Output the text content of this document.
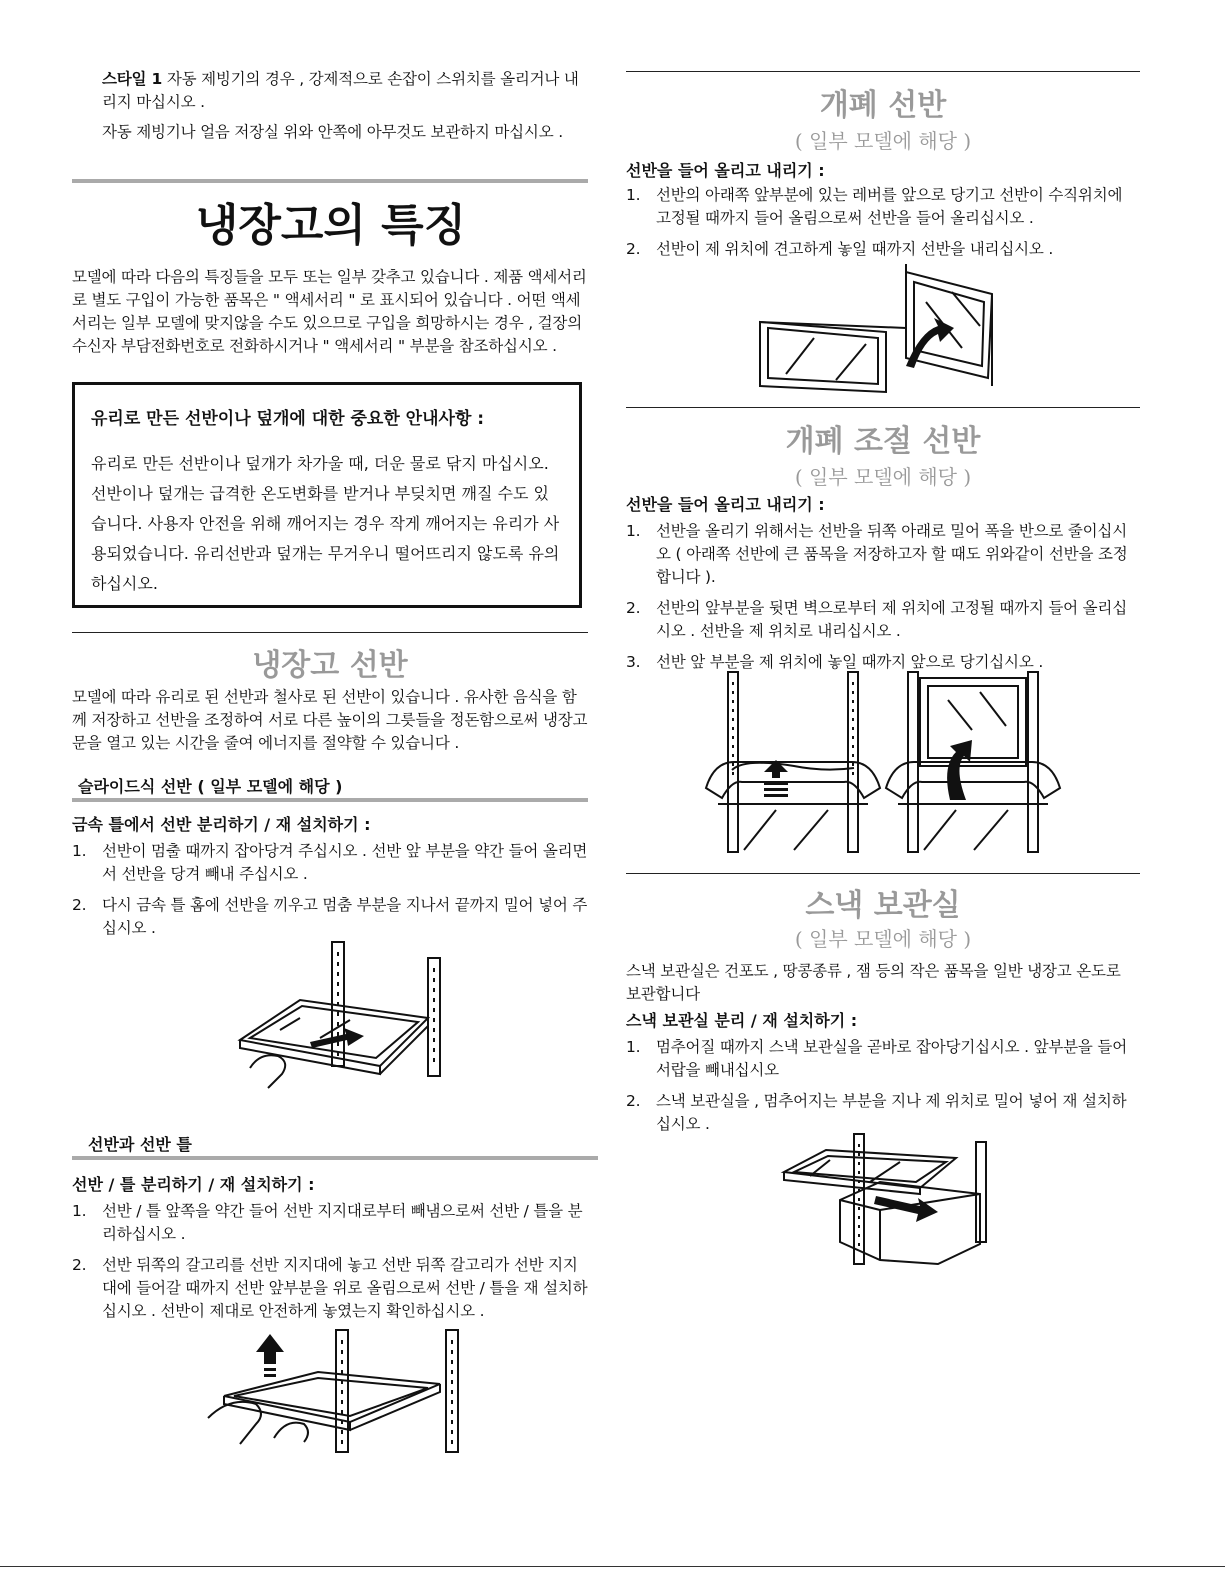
스타일 1 자동 제빙기의 경우 , 강제적으로 손잡이 스위치를 올리거나 내리지 마십시오 .

자동 제빙기나 얼음 저장실 위와 안쪽에 아무것도 보관하지 마십시오 .

냉장고의 특징

모델에 따라 다음의 특징들을 모두 또는 일부 갖추고 있습니다 . 제품 액세서리로 별도 구입이 가능한 품목은 " 액세서리 " 로 표시되어 있습니다 . 어떤 액세서리는 일부 모델에 맞지않을 수도 있으므로 구입을 희망하시는 경우 , 걸장의 수신자 부담전화번호로 전화하시거나 " 액세서리 " 부분을 참조하십시오 .

유리로 만든 선반이나 덮개에 대한 중요한 안내사항 :

유리로 만든 선반이나 덮개가 차가울 때, 더운 물로 닦지 마십시오. 선반이나 덮개는 급격한 온도변화를 받거나 부딪치면 깨질 수도 있습니다. 사용자 안전을 위해 깨어지는 경우 작게 깨어지는 유리가 사용되었습니다. 유리선반과 덮개는 무거우니 떨어뜨리지 않도록 유의하십시오.

냉장고 선반

모델에 따라 유리로 된 선반과 철사로 된 선반이 있습니다 . 유사한 음식을 함께 저장하고 선반을 조정하여 서로 다른 높이의 그릇들을 정돈함으로써 냉장고 문을 열고 있는 시간을 줄여 에너지를 절약할 수 있습니다 .

슬라이드식 선반 ( 일부 모델에 해당 )
금속 틀에서 선반 분리하기 / 재 설치하기 :
1. 선반이 멈출 때까지 잡아당겨 주십시오 . 선반 앞 부분을 약간 들어 올리면서 선반을 당겨 빼내 주십시오 .
2. 다시 금속 틀 홈에 선반을 끼우고 멈춤 부분을 지나서 끝까지 밀어 넣어 주십시오 .
선반과 선반 틀
선반 / 틀 분리하기 / 재 설치하기 :
1. 선반 / 틀 앞쪽을 약간 들어 선반 지지대로부터 빼냄으로써 선반 / 틀을 분리하십시오 .
2. 선반 뒤쪽의 갈고리를 선반 지지대에 놓고 선반 뒤쪽 갈고리가 선반 지지대에 들어갈 때까지 선반 앞부분을 위로 올림으로써 선반 / 틀을 재 설치하십시오 . 선반이 제대로 안전하게 놓였는지 확인하십시오 .
개폐 선반

( 일부 모델에 해당 )

선반을 들어 올리고 내리기 :
1. 선반의 아래쪽 앞부분에 있는 레버를 앞으로 당기고 선반이 수직위치에 고정될 때까지 들어 올림으로써 선반을 들어 올리십시오 .
2. 선반이 제 위치에 견고하게 놓일 때까지 선반을 내리십시오 .
개폐 조절 선반

( 일부 모델에 해당 )

선반을 들어 올리고 내리기 :
1. 선반을 올리기 위해서는 선반을 뒤쪽 아래로 밀어 폭을 반으로 줄이십시오 ( 아래쪽 선반에 큰 품목을 저장하고자 할 때도 위와같이 선반을 조정합니다 ).
2. 선반의 앞부분을 뒷면 벽으로부터 제 위치에 고정될 때까지 들어 올리십시오 . 선반을 제 위치로 내리십시오 .
3. 선반 앞 부분을 제 위치에 놓일 때까지 앞으로 당기십시오 .
스낵 보관실

( 일부 모델에 해당 )

스낵 보관실은 건포도 , 땅콩종류 , 잼 등의 작은 품목을 일반 냉장고 온도로 보관합니다

스낵 보관실 분리 / 재 설치하기 :
1. 멈추어질 때까지 스낵 보관실을 곧바로 잡아당기십시오 . 앞부분을 들어 서랍을 빼내십시오
2. 스낵 보관실을 , 멈추어지는 부분을 지나 제 위치로 밀어 넣어 재 설치하십시오 .
